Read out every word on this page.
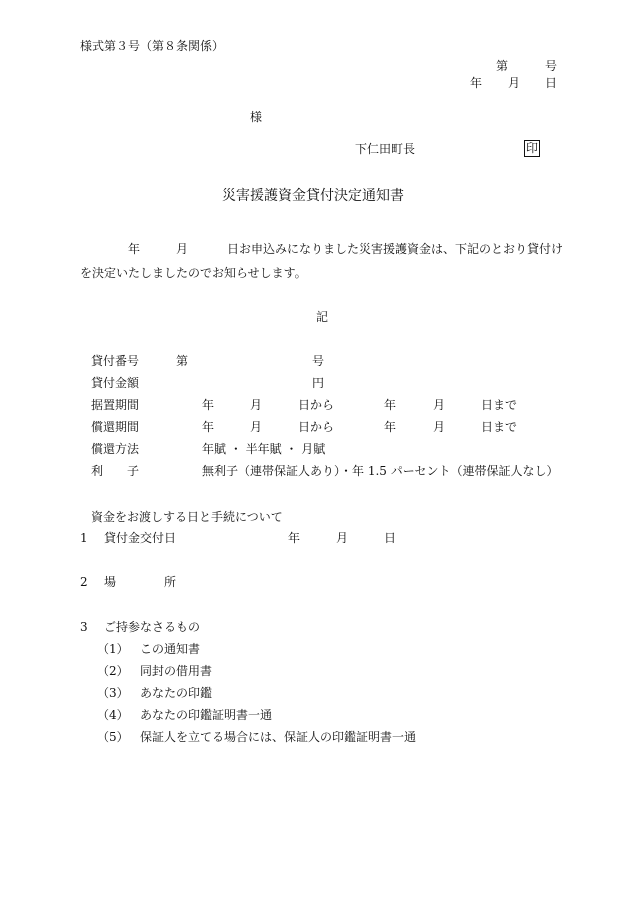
様式第３号（第８条関係）
第	号
年 月 日
様
下仁田町長	印
災害援護資金貸付決定通知書
年	月	日お申込みになりました災害援護資金は、下記のとおり貸付け
を決定いたしましたのでお知らせします。
記
貸付番号	第	号
貸付金額	円
据置期間	年	月	日から	年	月	日まで
償還期間	年	月	日から	年	月	日まで
償還方法	年賦 ・ 半年賦 ・ 月賦
利　　子	無利子（連帯保証人あり）・年 1.5 パーセント（連帯保証人なし）
資金をお渡しする日と手続について
1 貸付金交付日	年	月	日
2 場	所
3 ご持参なさるもの
（1） この通知書
（2） 同封の借用書
（3） あなたの印鑑
（4） あなたの印鑑証明書一通
（5） 保証人を立てる場合には、保証人の印鑑証明書一通
